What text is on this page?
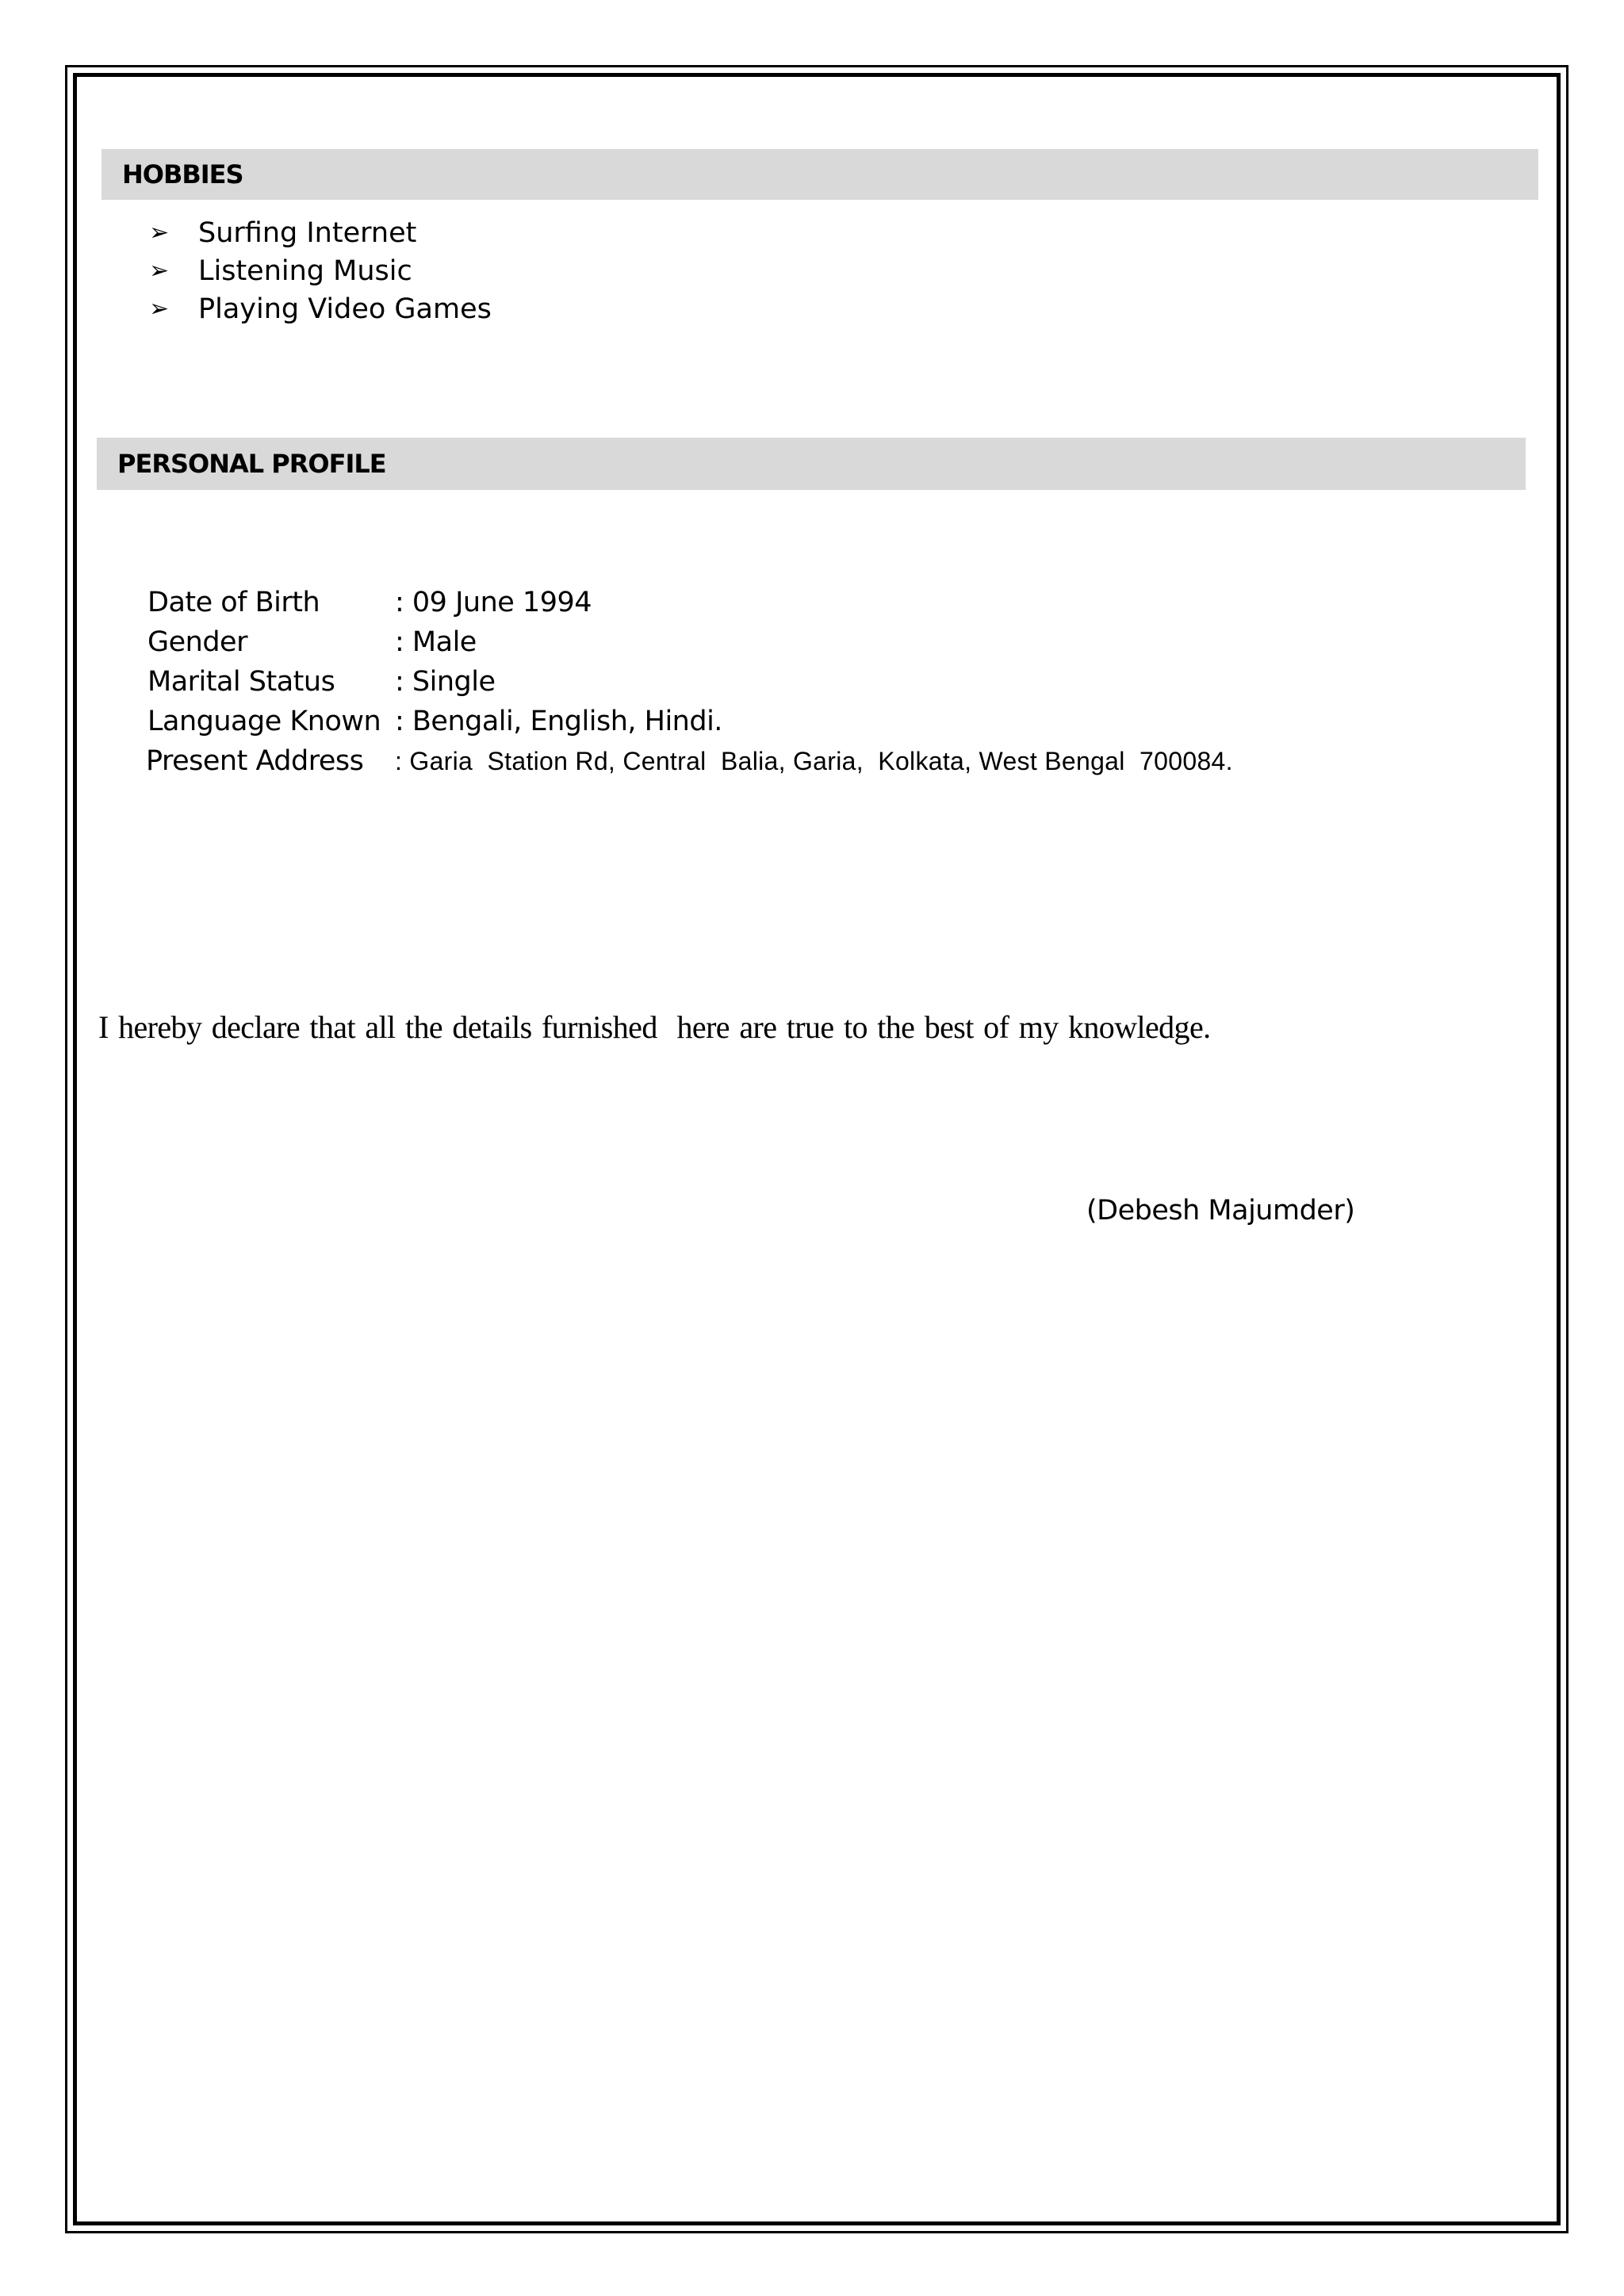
HOBBIES
➢ Surfing Internet
➢ Listening Music
➢ Playing Video Games
PERSONAL PROFILE
Date of Birth	: 09 June 1994
Gender	: Male
Marital Status	: Single
Language Known : Bengali, English, Hindi.
Present Address	: Garia  Station Rd, Central  Balia, Garia,  Kolkata, West Bengal  700084.
I hereby declare that all the details furnished  here are true to the best of my knowledge.
(Debesh Majumder)
